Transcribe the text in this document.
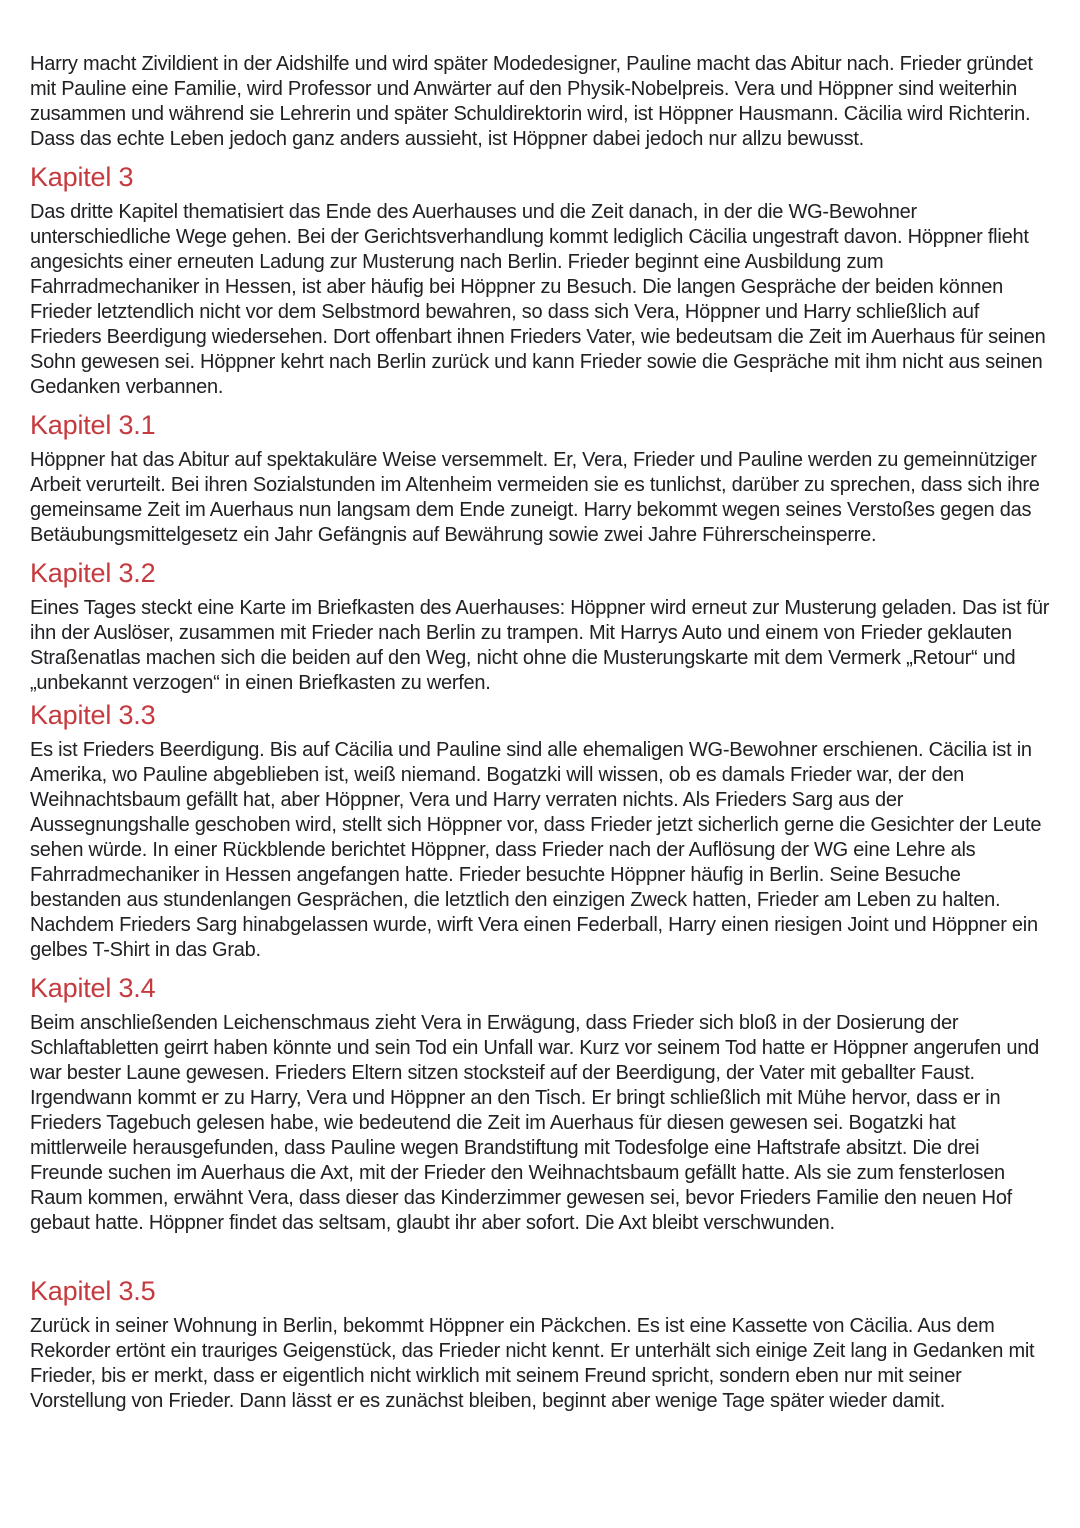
Harry macht Zivildient in der Aidshilfe und wird später Modedesigner, Pauline macht das Abitur nach. Frieder gründet mit Pauline eine Familie, wird Professor und Anwärter auf den Physik-Nobelpreis. Vera und Höppner sind weiterhin zusammen und während sie Lehrerin und später Schuldirektorin wird, ist Höppner Hausmann. Cäcilia wird Richterin. Dass das echte Leben jedoch ganz anders aussieht, ist Höppner dabei jedoch nur allzu bewusst.

Kapitel 3

Das dritte Kapitel thematisiert das Ende des Auerhauses und die Zeit danach, in der die WG-Bewohner unterschiedliche Wege gehen. Bei der Gerichtsverhandlung kommt lediglich Cäcilia ungestraft davon. Höppner flieht angesichts einer erneuten Ladung zur Musterung nach Berlin. Frieder beginnt eine Ausbildung zum Fahrradmechaniker in Hessen, ist aber häufig bei Höppner zu Besuch. Die langen Gespräche der beiden können Frieder letztendlich nicht vor dem Selbstmord bewahren, so dass sich Vera, Höppner und Harry schließlich auf Frieders Beerdigung wiedersehen. Dort offenbart ihnen Frieders Vater, wie bedeutsam die Zeit im Auerhaus für seinen Sohn gewesen sei. Höppner kehrt nach Berlin zurück und kann Frieder sowie die Gespräche mit ihm nicht aus seinen Gedanken verbannen.

Kapitel 3.1

Höppner hat das Abitur auf spektakuläre Weise versemmelt. Er, Vera, Frieder und Pauline werden zu gemeinnütziger Arbeit verurteilt. Bei ihren Sozialstunden im Altenheim vermeiden sie es tunlichst, darüber zu sprechen, dass sich ihre gemeinsame Zeit im Auerhaus nun langsam dem Ende zuneigt. Harry bekommt wegen seines Verstoßes gegen das Betäubungsmittelgesetz ein Jahr Gefängnis auf Bewährung sowie zwei Jahre Führerscheinsperre.

Kapitel 3.2

Eines Tages steckt eine Karte im Briefkasten des Auerhauses: Höppner wird erneut zur Musterung geladen. Das ist für ihn der Auslöser, zusammen mit Frieder nach Berlin zu trampen. Mit Harrys Auto und einem von Frieder geklauten Straßenatlas machen sich die beiden auf den Weg, nicht ohne die Musterungskarte mit dem Vermerk „Retour“ und „unbekannt verzogen“ in einen Briefkasten zu werfen.

Kapitel 3.3

Es ist Frieders Beerdigung. Bis auf Cäcilia und Pauline sind alle ehemaligen WG-Bewohner erschienen. Cäcilia ist in Amerika, wo Pauline abgeblieben ist, weiß niemand. Bogatzki will wissen, ob es damals Frieder war, der den Weihnachtsbaum gefällt hat, aber Höppner, Vera und Harry verraten nichts. Als Frieders Sarg aus der Aussegnungshalle geschoben wird, stellt sich Höppner vor, dass Frieder jetzt sicherlich gerne die Gesichter der Leute sehen würde. In einer Rückblende berichtet Höppner, dass Frieder nach der Auflösung der WG eine Lehre als Fahrradmechaniker in Hessen angefangen hatte. Frieder besuchte Höppner häufig in Berlin. Seine Besuche bestanden aus stundenlangen Gesprächen, die letztlich den einzigen Zweck hatten, Frieder am Leben zu halten. Nachdem Frieders Sarg hinabgelassen wurde, wirft Vera einen Federball, Harry einen riesigen Joint und Höppner ein gelbes T-Shirt in das Grab.

Kapitel 3.4

Beim anschließenden Leichenschmaus zieht Vera in Erwägung, dass Frieder sich bloß in der Dosierung der Schlaftabletten geirrt haben könnte und sein Tod ein Unfall war. Kurz vor seinem Tod hatte er Höppner angerufen und war bester Laune gewesen. Frieders Eltern sitzen stocksteif auf der Beerdigung, der Vater mit geballter Faust. Irgendwann kommt er zu Harry, Vera und Höppner an den Tisch. Er bringt schließlich mit Mühe hervor, dass er in Frieders Tagebuch gelesen habe, wie bedeutend die Zeit im Auerhaus für diesen gewesen sei. Bogatzki hat mittlerweile herausgefunden, dass Pauline wegen Brandstiftung mit Todesfolge eine Haftstrafe absitzt. Die drei Freunde suchen im Auerhaus die Axt, mit der Frieder den Weihnachtsbaum gefällt hatte. Als sie zum fensterlosen Raum kommen, erwähnt Vera, dass dieser das Kinderzimmer gewesen sei, bevor Frieders Familie den neuen Hof gebaut hatte. Höppner findet das seltsam, glaubt ihr aber sofort. Die Axt bleibt verschwunden.

Kapitel 3.5

Zurück in seiner Wohnung in Berlin, bekommt Höppner ein Päckchen. Es ist eine Kassette von Cäcilia. Aus dem Rekorder ertönt ein trauriges Geigenstück, das Frieder nicht kennt. Er unterhält sich einige Zeit lang in Gedanken mit Frieder, bis er merkt, dass er eigentlich nicht wirklich mit seinem Freund spricht, sondern eben nur mit seiner Vorstellung von Frieder. Dann lässt er es zunächst bleiben, beginnt aber wenige Tage später wieder damit.
